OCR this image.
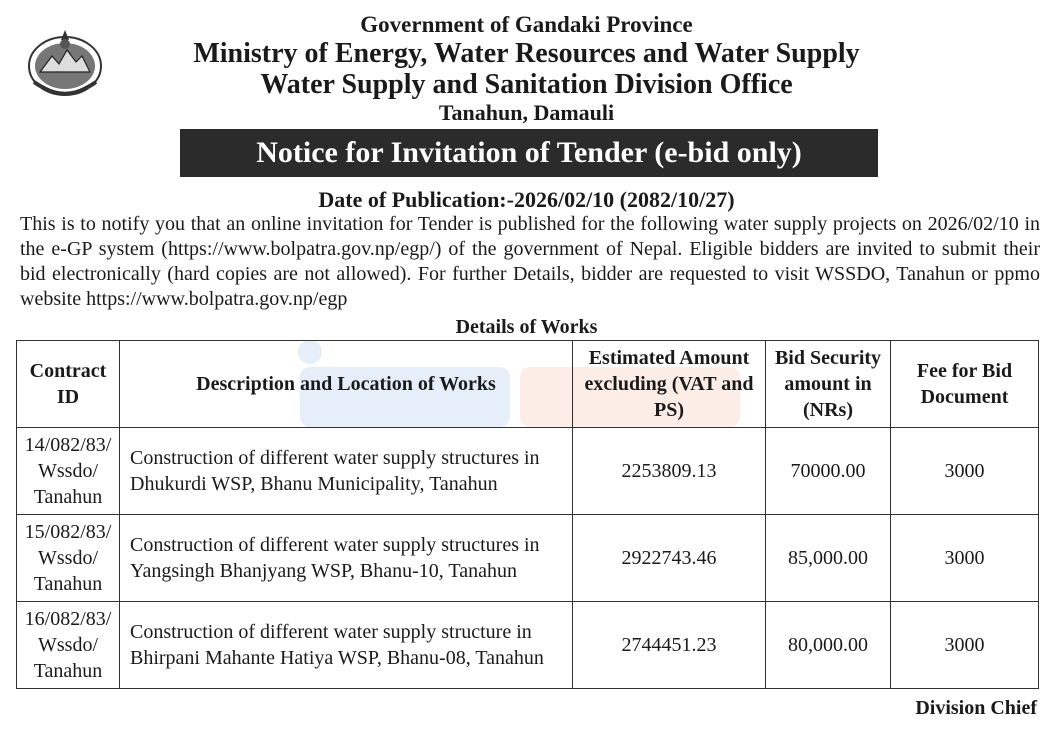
Government of Gandaki Province
Ministry of Energy, Water Resources and Water Supply
Water Supply and Sanitation Division Office
Tanahun, Damauli
Notice for Invitation of Tender (e-bid only)
Date of Publication:-2026/02/10 (2082/10/27)
This is to notify you that an online invitation for Tender is published for the following water supply projects on 2026/02/10 in the e-GP system (https://www.bolpatra.gov.np/egp/) of the government of Nepal. Eligible bidders are invited to submit their bid electronically (hard copies are not allowed). For further Details, bidder are requested to visit WSSDO, Tanahun or ppmo website https://www.bolpatra.gov.np/egp
Details of Works
Contract ID	Description and Location of Works	Estimated Amount excluding (VAT and PS)	Bid Security amount in (NRs)	Fee for Bid Document
14/082/83/ Wssdo/ Tanahun	Construction of different water supply structures in Dhukurdi WSP, Bhanu Municipality, Tanahun	2253809.13	70000.00	3000
15/082/83/ Wssdo/ Tanahun	Construction of different water supply structures in Yangsingh Bhanjyang WSP, Bhanu-10, Tanahun	2922743.46	85,000.00	3000
16/082/83/ Wssdo/ Tanahun	Construction of different water supply structure in Bhirpani Mahante Hatiya WSP, Bhanu-08, Tanahun	2744451.23	80,000.00	3000
Division Chief
